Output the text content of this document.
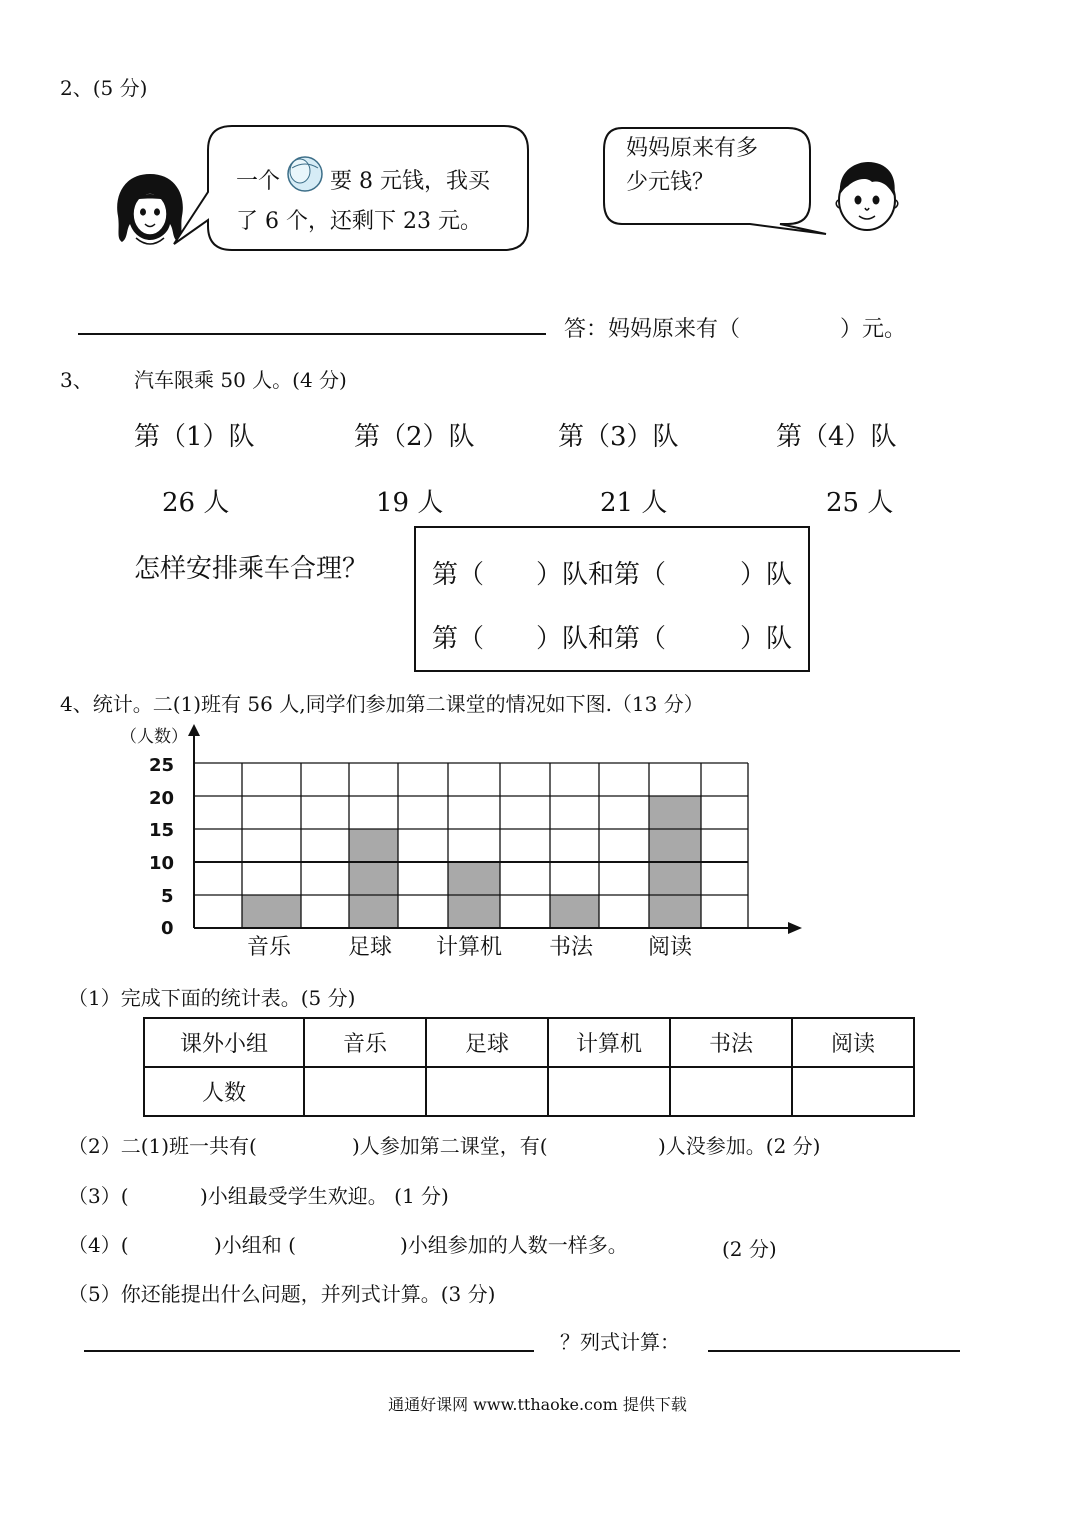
2、(5 分)
一个 要 8 元钱，我买
了 6 个，还剩下 23 元。
妈妈原来有多
少元钱？
答：妈妈原来有（	）元。
3、 汽车限乘 50 人。(4 分)
第（1）队	第（2）队	第（3）队	第（4）队
26 人	19 人	21 人	25 人
怎样安排乘车合理？ 第（ ）队和第（	）队
第（ ）队和第（	）队
4、统计。二(1)班有 56 人,同学们参加第二课堂的情况如下图.（13 分）
（人数）
25
20
15
10
5
0
音乐	足球 计算机 书法 阅读
（1）完成下面的统计表。(5 分)
课外小组	音乐	足球	计算机	书法	阅读
人数					
（2）二(1)班一共有(	)人参加第二课堂，有(	)人没参加。(2 分)
（3）(	)小组最受学生欢迎。 (1 分)
（4）(	)小组和 (	)小组参加的人数一样多。	(2 分)
（5）你还能提出什么问题，并列式计算。(3 分)
？列式计算：
通通好课网 www.tthaoke.com 提供下载
